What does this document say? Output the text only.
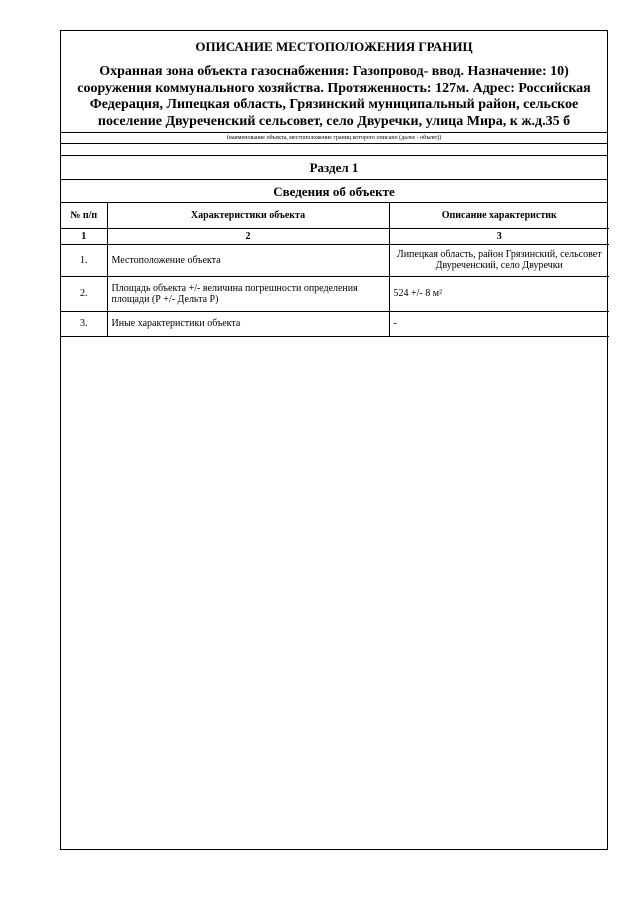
ОПИСАНИЕ МЕСТОПОЛОЖЕНИЯ ГРАНИЦ
Охранная зона объекта газоснабжения: Газопровод- ввод. Назначение: 10) сооружения коммунального хозяйства. Протяженность: 127м. Адрес: Российская Федерация, Липецкая область, Грязинский муниципальный район, сельское поселение Двуреченский сельсовет, село Двуречки, улица Мира, к ж.д.35 б
(наименование объекта, местоположение границ которого описано (далее - объект))
Раздел 1
Сведения об объекте
№ п/п	Характеристики объекта	Описание характеристик
1	2	3
1.	Местоположение объекта	Липецкая область, район Грязинский, сельсовет Двуреченский, село Двуречки
2.	Площадь объекта +/- величина погрешности определения площади (Р +/- Дельта Р)	524 +/- 8 м²
3.	Иные характеристики объекта	-
